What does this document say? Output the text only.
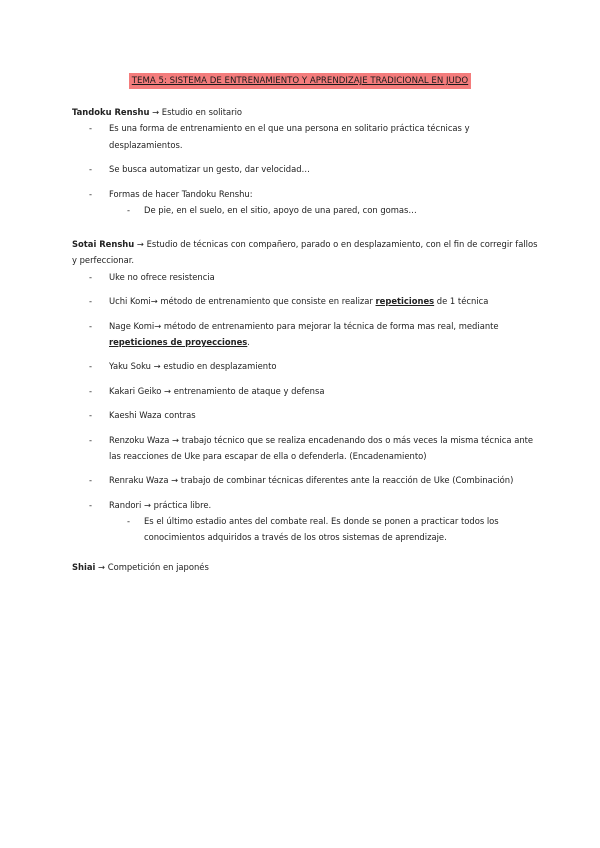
TEMA 5: SISTEMA DE ENTRENAMIENTO Y APRENDIZAJE TRADICIONAL EN JUDO
Tandoku Renshu → Estudio en solitario
- Es una forma de entrenamiento en el que una persona en solitario práctica técnicas y desplazamientos.
- Se busca automatizar un gesto, dar velocidad…
- Formas de hacer Tandoku Renshu:
- De pie, en el suelo, en el sitio, apoyo de una pared, con gomas…
Sotai Renshu → Estudio de técnicas con compañero, parado o en desplazamiento, con el fin de corregir fallos y perfeccionar.
- Uke no ofrece resistencia
- Uchi Komi→ método de entrenamiento que consiste en realizar repeticiones de 1 técnica
- Nage Komi→ método de entrenamiento para mejorar la técnica de forma mas real, mediante repeticiones de proyecciones.
- Yaku Soku → estudio en desplazamiento
- Kakari Geiko → entrenamiento de ataque y defensa
- Kaeshi Waza contras
- Renzoku Waza → trabajo técnico que se realiza encadenando dos o más veces la misma técnica ante las reacciones de Uke para escapar de ella o defenderla. (Encadenamiento)
- Renraku Waza → trabajo de combinar técnicas diferentes ante la reacción de Uke (Combinación)
- Randori → práctica libre.
- Es el último estadio antes del combate real. Es donde se ponen a practicar todos los conocimientos adquiridos a través de los otros sistemas de aprendizaje.
Shiai → Competición en japonés
